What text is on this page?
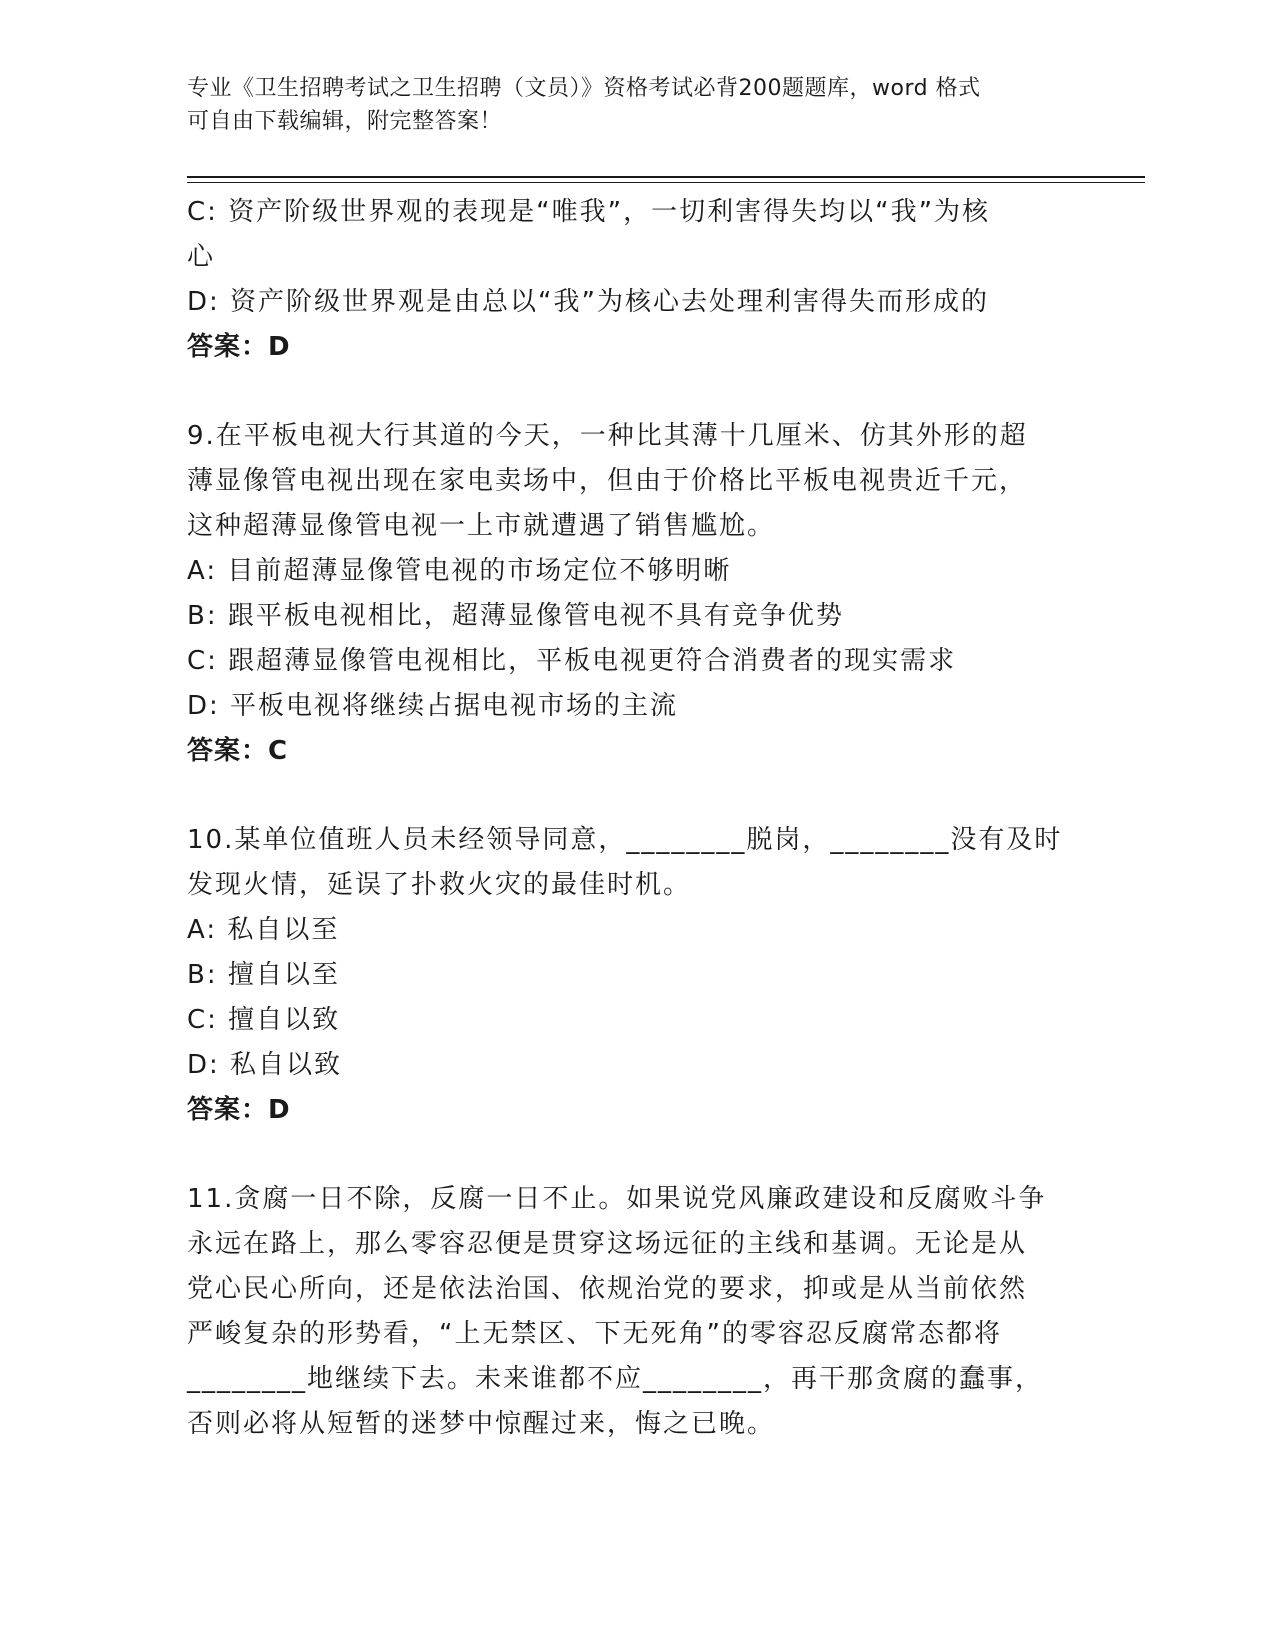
专业《卫生招聘考试之卫生招聘（文员）》资格考试必背200题题库，word 格式
可自由下载编辑，附完整答案！
C: 资产阶级世界观的表现是“唯我”，一切利害得失均以“我”为核
心
D: 资产阶级世界观是由总以“我”为核心去处理利害得失而形成的
答案：D
9.在平板电视大行其道的今天，一种比其薄十几厘米、仿其外形的超
薄显像管电视出现在家电卖场中，但由于价格比平板电视贵近千元，
这种超薄显像管电视一上市就遭遇了销售尴尬。
A: 目前超薄显像管电视的市场定位不够明晰
B: 跟平板电视相比，超薄显像管电视不具有竞争优势
C: 跟超薄显像管电视相比，平板电视更符合消费者的现实需求
D: 平板电视将继续占据电视市场的主流
答案：C
10.某单位值班人员未经领导同意，________脱岗，________没有及时
发现火情，延误了扑救火灾的最佳时机。
A: 私自以至
B: 擅自以至
C: 擅自以致
D: 私自以致
答案：D
11.贪腐一日不除，反腐一日不止。如果说党风廉政建设和反腐败斗争
永远在路上，那么零容忍便是贯穿这场远征的主线和基调。无论是从
党心民心所向，还是依法治国、依规治党的要求，抑或是从当前依然
严峻复杂的形势看，“上无禁区、下无死角”的零容忍反腐常态都将
________地继续下去。未来谁都不应________，再干那贪腐的蠢事，
否则必将从短暂的迷梦中惊醒过来，悔之已晚。
